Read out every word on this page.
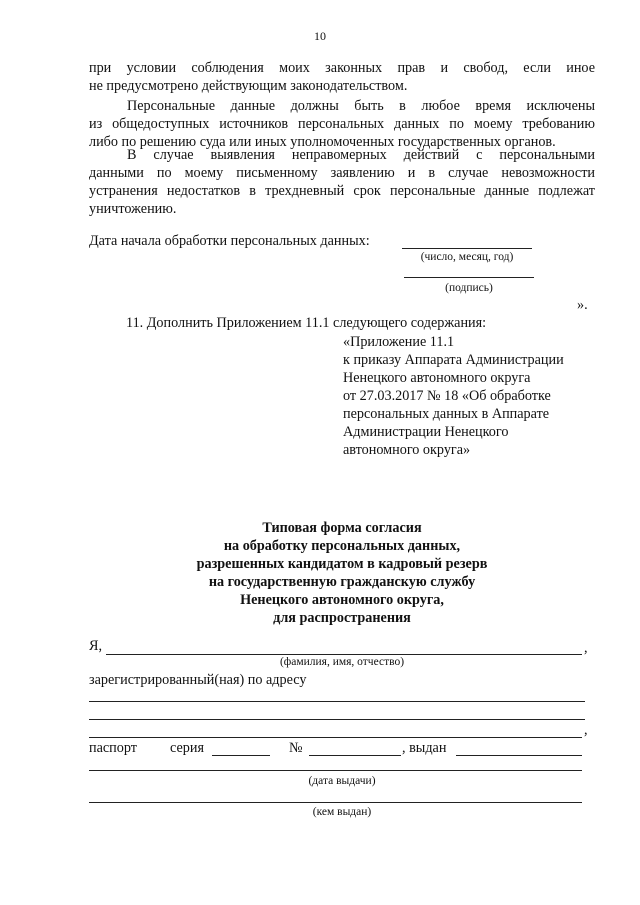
10
при условии соблюдения моих законных прав и свобод, если иное
не предусмотрено действующим законодательством.
Персональные данные должны быть в любое время исключены
из общедоступных источников персональных данных по моему требованию
либо по решению суда или иных уполномоченных государственных органов.
В случае выявления неправомерных действий с персональными
данными по моему письменному заявлению и в случае невозможности
устранения недостатков в трехдневный срок персональные данные подлежат
уничтожению.
Дата начала обработки персональных данных:
(число, месяц, год)
(подпись)
».
11. Дополнить Приложением 11.1 следующего содержания:
«Приложение 11.1
к приказу Аппарата Администрации
Ненецкого автономного округа
от 27.03.2017 № 18 «Об обработке
персональных данных в Аппарате
Администрации Ненецкого
автономного округа»
Типовая форма согласия
на обработку персональных данных,
разрешенных кандидатом в кадровый резерв
на государственную гражданскую службу
Ненецкого автономного округа,
для распространения
Я,	,
(фамилия, имя, отчество)
зарегистрированный(ная) по адресу
,
паспорт серия	№	, выдан
(дата выдачи)
(кем выдан)
